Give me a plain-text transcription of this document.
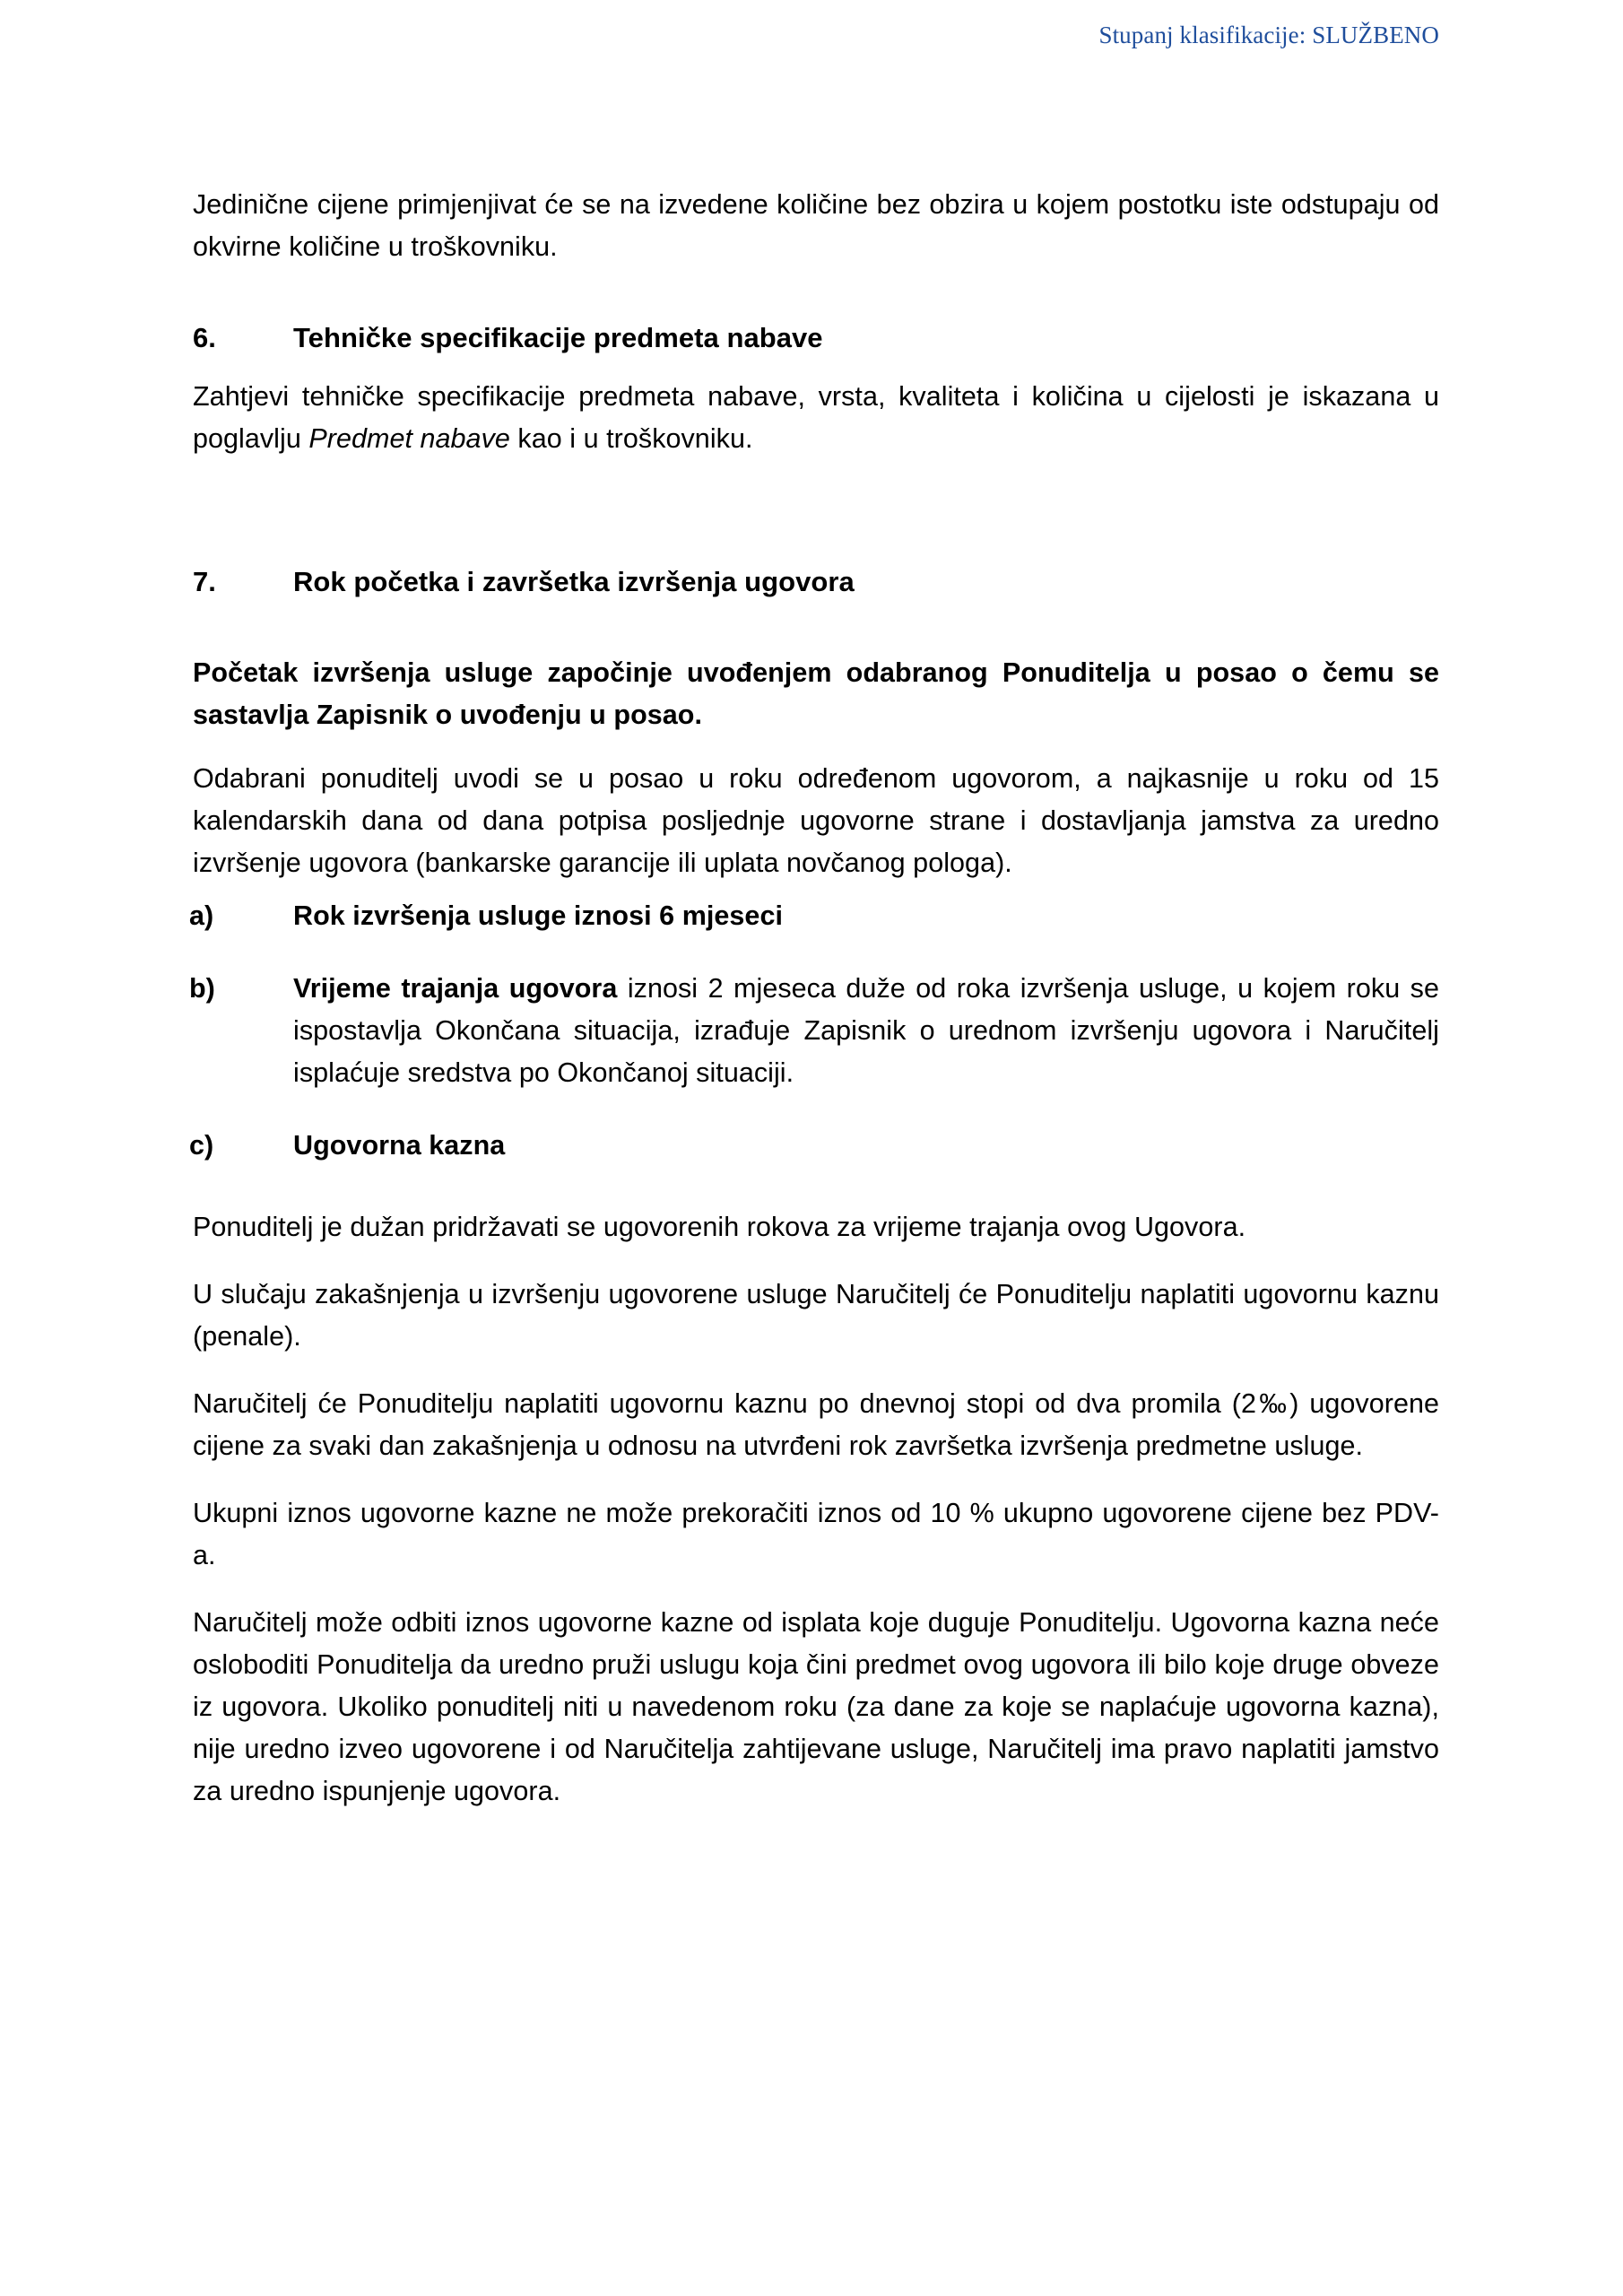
Stupanj klasifikacije: SLUŽBENO

Jedinične cijene primjenjivat će se na izvedene količine bez obzira u kojem postotku iste odstupaju od okvirne količine u troškovniku.

6.	Tehničke specifikacije predmeta nabave

Zahtjevi tehničke specifikacije predmeta nabave, vrsta, kvaliteta i količina u cijelosti je iskazana u poglavlju Predmet nabave kao i u troškovniku.

7.	Rok početka i završetka izvršenja ugovora

Početak izvršenja usluge započinje uvođenjem odabranog Ponuditelja u posao o čemu se sastavlja Zapisnik o uvođenju u posao.

Odabrani ponuditelj uvodi se u posao u roku određenom ugovorom, a najkasnije u roku od 15 kalendarskih dana od dana potpisa posljednje ugovorne strane i dostavljanja jamstva za uredno izvršenje ugovora (bankarske garancije ili uplata novčanog pologa).

a)	Rok izvršenja usluge iznosi 6 mjeseci

b)	Vrijeme trajanja ugovora iznosi 2 mjeseca duže od roka izvršenja usluge, u kojem roku se ispostavlja Okončana situacija, izrađuje Zapisnik o urednom izvršenju ugovora i Naručitelj isplaćuje sredstva po Okončanoj situaciji.

c)	Ugovorna kazna

Ponuditelj je dužan pridržavati se ugovorenih rokova za vrijeme trajanja ovog Ugovora.

U slučaju zakašnjenja u izvršenju ugovorene usluge Naručitelj će Ponuditelju naplatiti ugovornu kaznu (penale).

Naručitelj će Ponuditelju naplatiti ugovornu kaznu po dnevnoj stopi od dva promila (2‰) ugovorene cijene za svaki dan zakašnjenja u odnosu na utvrđeni rok završetka izvršenja predmetne usluge.

Ukupni iznos ugovorne kazne ne može prekoračiti iznos od 10 % ukupno ugovorene cijene bez PDV-a.

Naručitelj može odbiti iznos ugovorne kazne od isplata koje duguje Ponuditelju. Ugovorna kazna neće osloboditi Ponuditelja da uredno pruži uslugu koja čini predmet ovog ugovora ili bilo koje druge obveze iz ugovora. Ukoliko ponuditelj niti u navedenom roku (za dane za koje se naplaćuje ugovorna kazna), nije uredno izveo ugovorene i od Naručitelja zahtijevane usluge, Naručitelj ima pravo naplatiti jamstvo za uredno ispunjenje ugovora.
